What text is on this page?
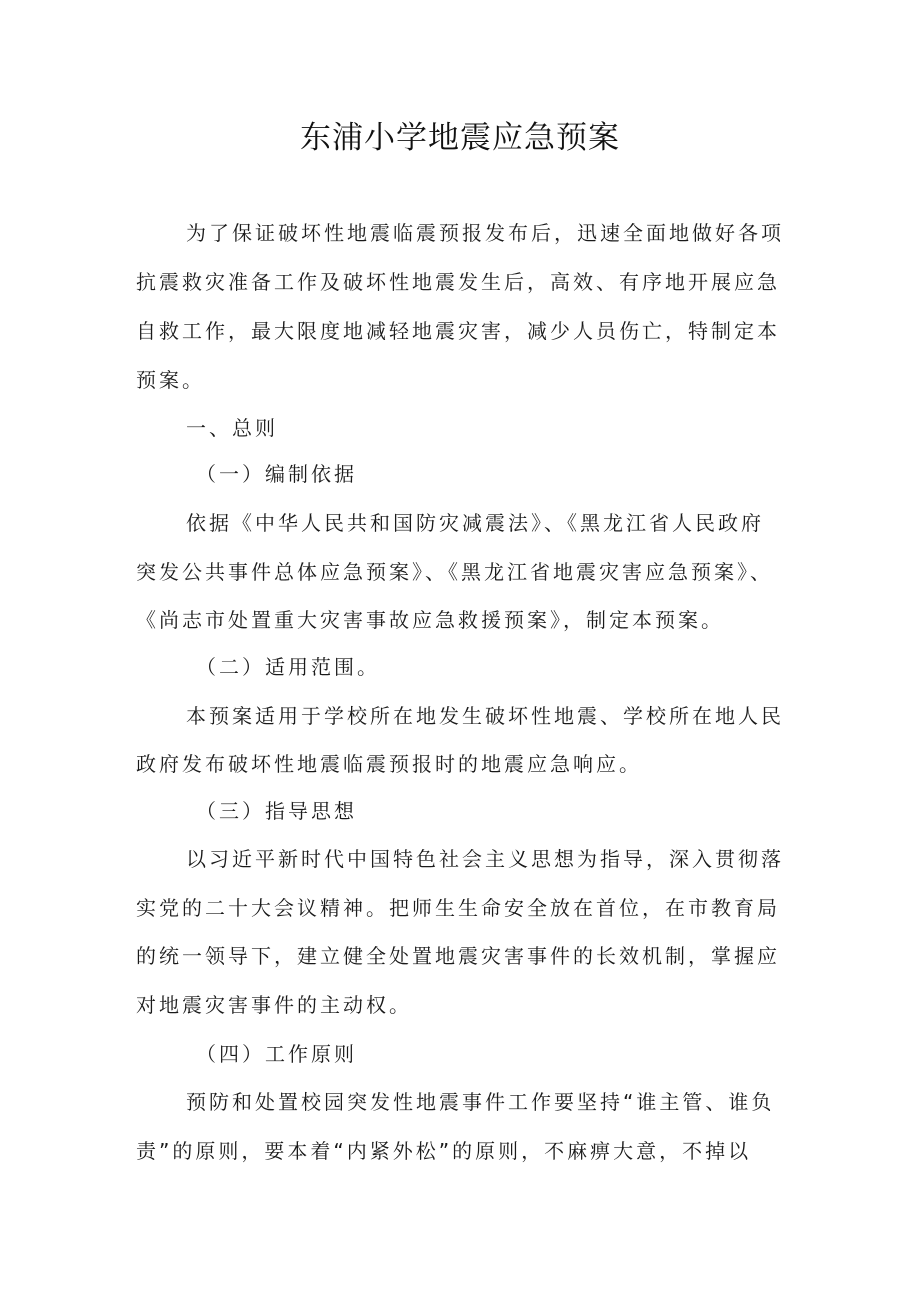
东浦小学地震应急预案

为了保证破坏性地震临震预报发布后，迅速全面地做好各项

抗震救灾准备工作及破坏性地震发生后，高效、有序地开展应急

自救工作，最大限度地减轻地震灾害，减少人员伤亡，特制定本

预案。

一、总则

（一）编制依据

依据《中华人民共和国防灾减震法》、《黑龙江省人民政府

突发公共事件总体应急预案》、《黑龙江省地震灾害应急预案》、

《尚志市处置重大灾害事故应急救援预案》，制定本预案。

（二）适用范围。

本预案适用于学校所在地发生破坏性地震、学校所在地人民

政府发布破坏性地震临震预报时的地震应急响应。

（三）指导思想

以习近平新时代中国特色社会主义思想为指导，深入贯彻落

实党的二十大会议精神。把师生生命安全放在首位，在市教育局

的统一领导下，建立健全处置地震灾害事件的长效机制，掌握应

对地震灾害事件的主动权。

（四）工作原则

预防和处置校园突发性地震事件工作要坚持“谁主管、谁负

责”的原则，要本着“内紧外松”的原则，不麻痹大意，不掉以
